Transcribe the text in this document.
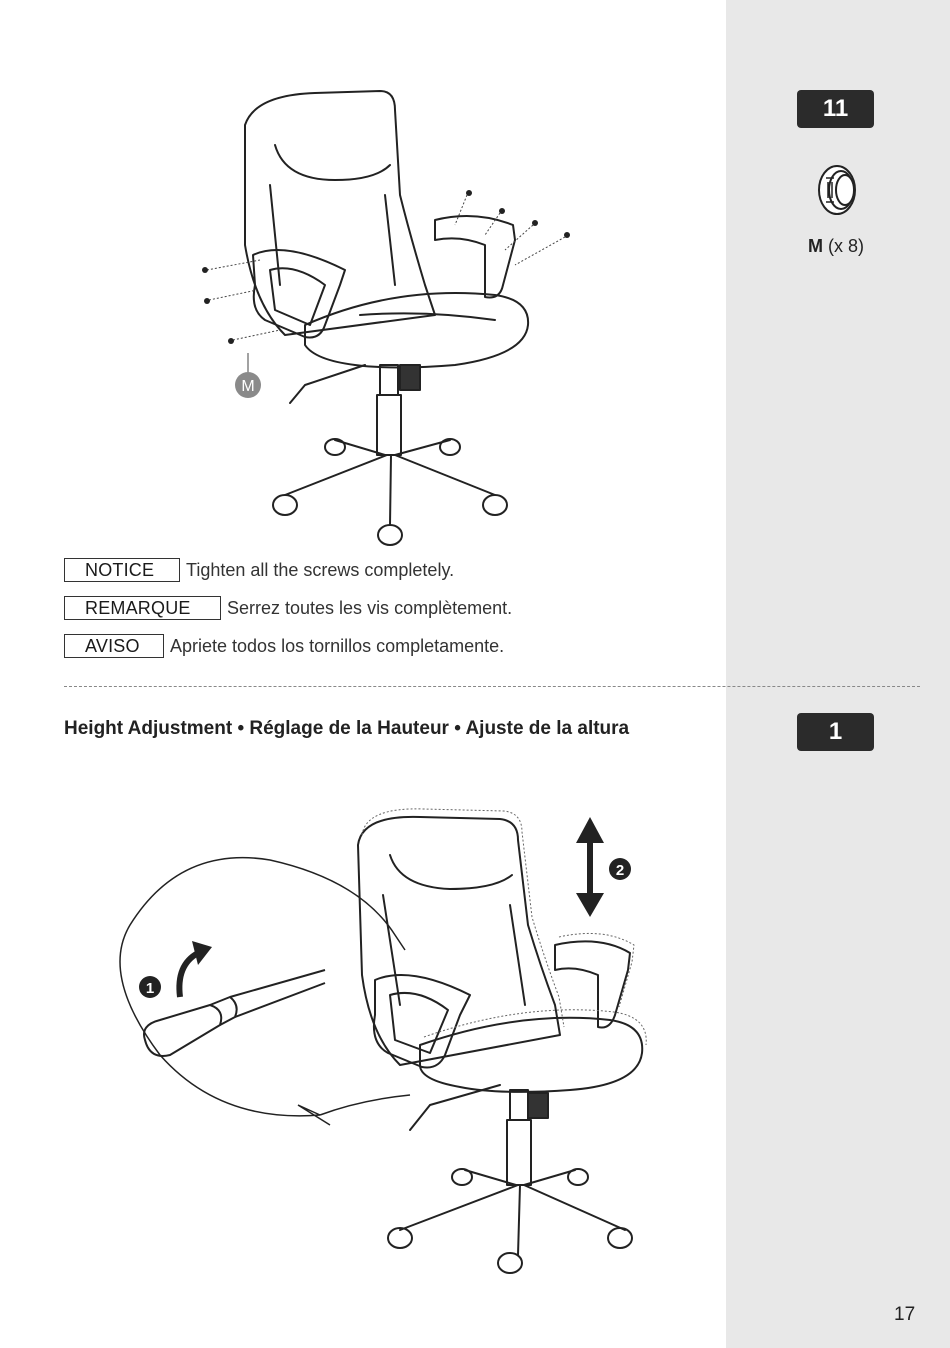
11
M (x 8)
M
NOTICE	Tighten all the screws completely.
REMARQUE	Serrez toutes les vis complètement.
AVISO	Apriete todos los tornillos completamente.
Height Adjustment • Réglage de la Hauteur • Ajuste de la altura	1
1
2
17
